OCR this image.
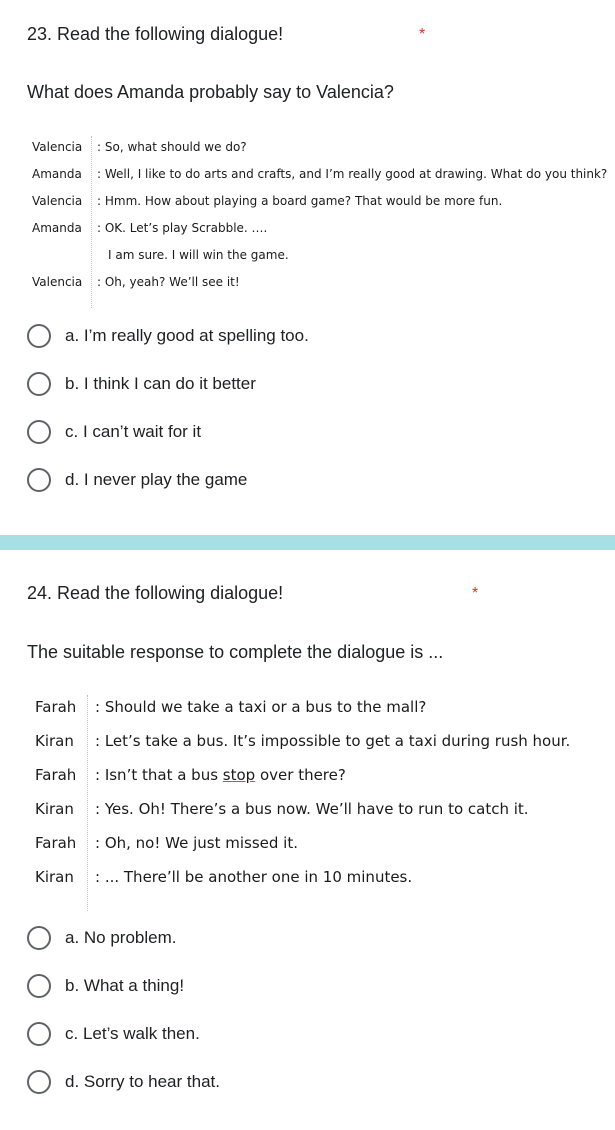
23. Read the following dialogue!	*
What does Amanda probably say to Valencia?
Valencia : So, what should we do?
Amanda : Well, I like to do arts and crafts, and I’m really good at drawing. What do you think?
Valencia : Hmm. How about playing a board game? That would be more fun.
Amanda : OK. Let’s play Scrabble. ….
I am sure. I will win the game.
Valencia : Oh, yeah? We’ll see it!
a. I’m really good at spelling too.
b. I think I can do it better
c. I can’t wait for it
d. I never play the game
24. Read the following dialogue!	*
The suitable response to complete the dialogue is ...
Farah : Should we take a taxi or a bus to the mall?
Kiran : Let’s take a bus. It’s impossible to get a taxi during rush hour.
Farah : Isn’t that a bus stop over there?
Kiran : Yes. Oh! There’s a bus now. We’ll have to run to catch it.
Farah : Oh, no! We just missed it.
Kiran : ... There’ll be another one in 10 minutes.
a. No problem.
b. What a thing!
c. Let’s walk then.
d. Sorry to hear that.
